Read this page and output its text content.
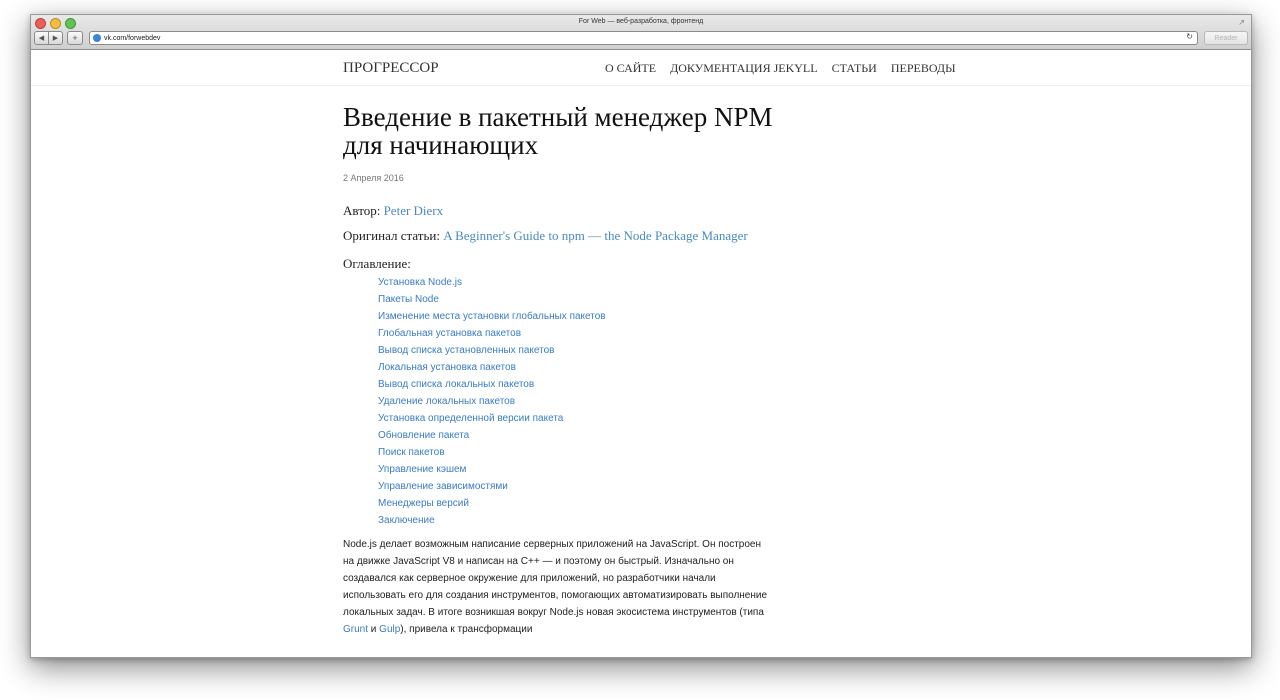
For Web — веб-разработка, фронтенд	↗
◀	▶	+	vk.com/forwebdev	↻	Reader
ПРОГРЕССОР	О САЙТЕ ДОКУМЕНТАЦИЯ JEKYLL СТАТЬИ ПЕРЕВОДЫ
Введение в пакетный менеджер NPM для начинающих
2 Апреля 2016
Автор: Peter Dierx
Оригинал статьи: A Beginner's Guide to npm — the Node Package Manager
Оглавление:
Установка Node.js
Пакеты Node
Изменение места установки глобальных пакетов
Глобальная установка пакетов
Вывод списка установленных пакетов
Локальная установка пакетов
Вывод списка локальных пакетов
Удаление локальных пакетов
Установка определенной версии пакета
Обновление пакета
Поиск пакетов
Управление кэшем
Управление зависимостями
Менеджеры версий
Заключение

Node.js делает возможным написание серверных приложений на JavaScript. Он построен на движке JavaScript V8 и написан на C++ — и поэтому он быстрый. Изначально он создавался как серверное окружение для приложений, но разработчики начали использовать его для создания инструментов, помогающих автоматизировать выполнение локальных задач. В итоге возникшая вокруг Node.js новая экосистема инструментов (типа Grunt и Gulp), привела к трансформации
